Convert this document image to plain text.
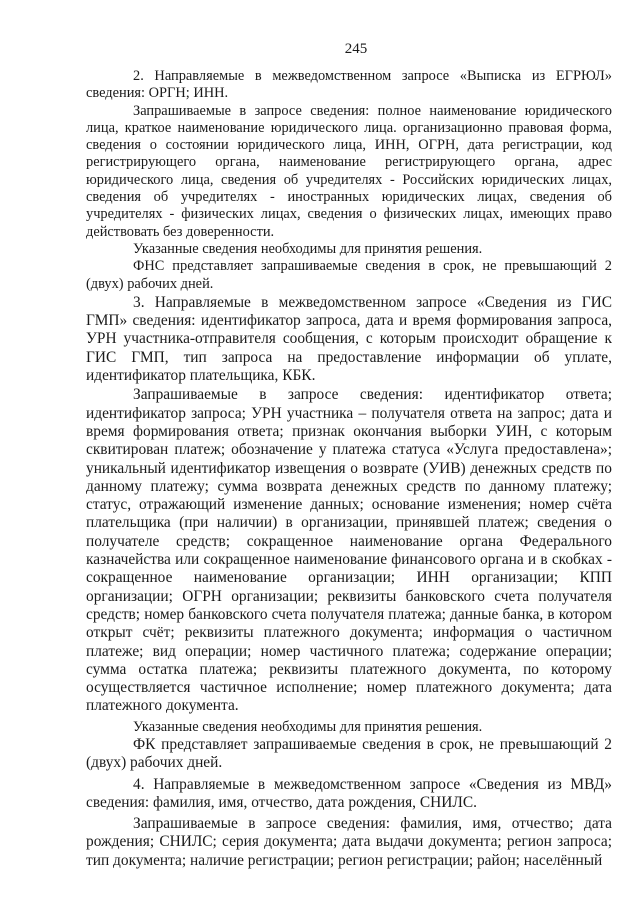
245

2. Направляемые в межведомственном запросе «Выписка из ЕГРЮЛ» сведения: ОРГН; ИНН.

Запрашиваемые в запросе сведения: полное наименование юридического лица, краткое наименование юридического лица. организационно правовая форма, сведения о состоянии юридического лица, ИНН, ОГРН, дата регистрации, код регистрирующего органа, наименование регистрирующего органа, адрес юридического лица, сведения об учредителях - Российских юридических лицах, сведения об учредителях - иностранных юридических лицах, сведения об учредителях - физических лицах, сведения о физических лицах, имеющих право действовать без доверенности.

Указанные сведения необходимы для принятия решения.

ФНС представляет запрашиваемые сведения в срок, не превышающий 2 (двух) рабочих дней.

3. Направляемые в межведомственном запросе «Сведения из ГИС ГМП» сведения: идентификатор запроса, дата и время формирования запроса, УРН участника-отправителя сообщения, с которым происходит обращение к ГИС ГМП, тип запроса на предоставление информации об уплате, идентификатор плательщика, КБК.

Запрашиваемые в запросе сведения: идентификатор ответа; идентификатор запроса; УРН участника – получателя ответа на запрос; дата и время формирования ответа; признак окончания выборки УИН, с которым сквитирован платеж; обозначение у платежа статуса «Услуга предоставлена»; уникальный идентификатор извещения о возврате (УИВ) денежных средств по данному платежу; сумма возврата денежных средств по данному платежу; статус, отражающий изменение данных; основание изменения; номер счёта плательщика (при наличии) в организации, принявшей платеж; сведения о получателе средств; сокращенное наименование органа Федерального казначейства или сокращенное наименование финансового органа и в скобках - сокращенное наименование организации; ИНН организации; КПП организации; ОГРН организации; реквизиты банковского счета получателя средств; номер банковского счета получателя платежа; данные банка, в котором открыт счёт; реквизиты платежного документа; информация о частичном платеже; вид операции; номер частичного платежа; содержание операции; сумма остатка платежа; реквизиты платежного документа, по которому осуществляется частичное исполнение; номер платежного документа; дата платежного документа.

Указанные сведения необходимы для принятия решения.

ФК представляет запрашиваемые сведения в срок, не превышающий 2 (двух) рабочих дней.

4. Направляемые в межведомственном запросе «Сведения из МВД» сведения: фамилия, имя, отчество, дата рождения, СНИЛС.

Запрашиваемые в запросе сведения: фамилия, имя, отчество; дата рождения; СНИЛС; серия документа; дата выдачи документа; регион запроса; тип документа; наличие регистрации; регион регистрации; район; населённый
